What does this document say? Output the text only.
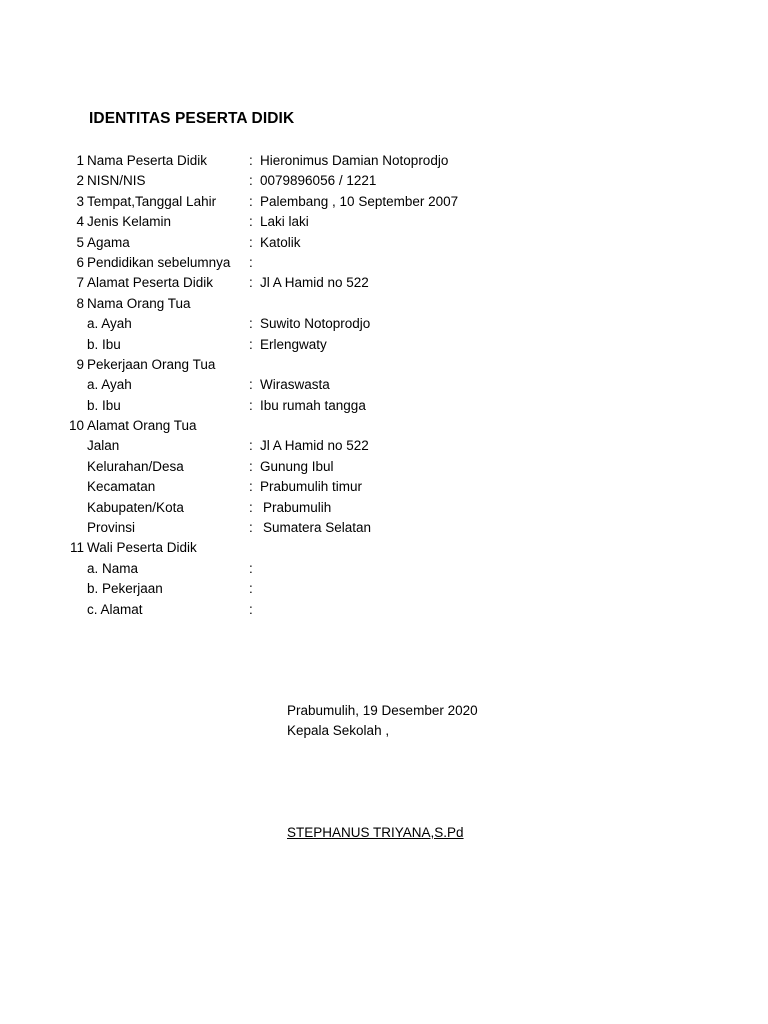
IDENTITAS PESERTA DIDIK
1 Nama Peserta Didik	: Hieronimus Damian Notoprodjo
2 NISN/NIS	: 0079896056 / 1221
3 Tempat,Tanggal Lahir : Palembang , 10 September 2007
4 Jenis Kelamin	: Laki laki
5 Agama	: Katolik
6 Pendidikan sebelumnya :
7 Alamat Peserta Didik	: Jl A Hamid no 522
8 Nama Orang Tua
a. Ayah	: Suwito Notoprodjo
b. Ibu	: Erlengwaty
9 Pekerjaan Orang Tua
a. Ayah	: Wiraswasta
b. Ibu	: Ibu rumah tangga
10 Alamat Orang Tua
Jalan	: Jl A Hamid no 522
Kelurahan/Desa	: Gunung Ibul
Kecamatan	: Prabumulih timur
Kabupaten/Kota	: Prabumulih
Provinsi	: Sumatera Selatan
11 Wali Peserta Didik
a. Nama	:
b. Pekerjaan	:
c. Alamat	:
Prabumulih, 19 Desember 2020
Kepala Sekolah ,
STEPHANUS TRIYANA,S.Pd
